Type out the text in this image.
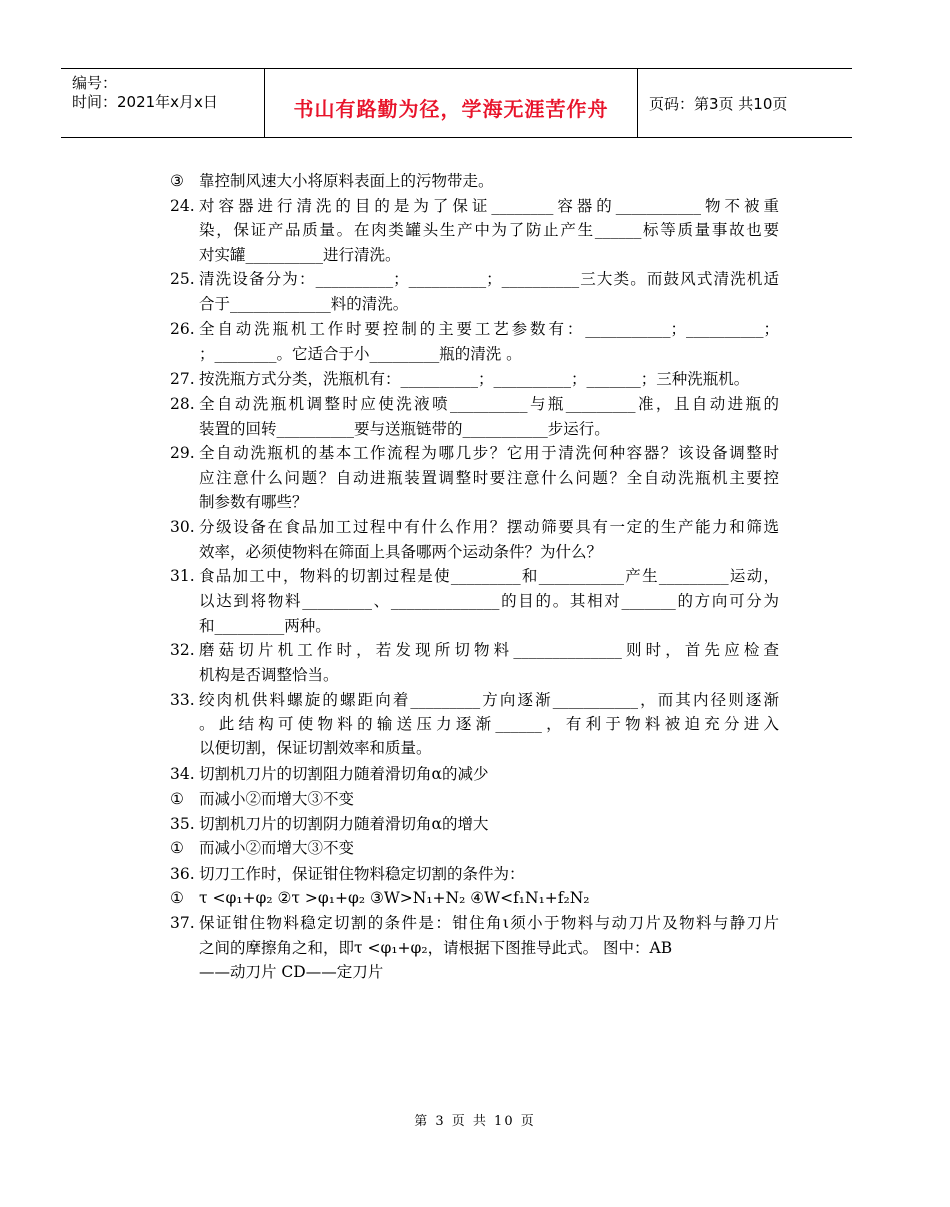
编号：
时间：2021年x月x日	书山有路勤为径，学海无涯苦作舟	页码：第3页 共10页
③ 靠控制风速大小将原料表面上的污物带走。
24. 对容器进行清洗的目的是为了保证________容器的___________物不被重
染，保证产品质量。在肉类罐头生产中为了防止产生______标等质量事故也要
对实罐__________进行清洗。
25. 清洗设备分为：__________；__________；__________三大类。而鼓风式清洗机适
合于_____________料的清洗。
26. 全自动洗瓶机工作时要控制的主要工艺参数有：___________；__________；
；________。它适合于小_________瓶的清洗 。
27. 按洗瓶方式分类，洗瓶机有：__________；__________；_______；三种洗瓶机。
28. 全自动洗瓶机调整时应使洗液喷__________与瓶_________准，且自动进瓶的
装置的回转__________要与送瓶链带的___________步运行。
29. 全自动洗瓶机的基本工作流程为哪几步？它用于清洗何种容器？该设备调整时
应注意什么问题？自动进瓶装置调整时要注意什么问题？全自动洗瓶机主要控
制参数有哪些？
30. 分级设备在食品加工过程中有什么作用？摆动筛要具有一定的生产能力和筛选
效率，必须使物料在筛面上具备哪两个运动条件？为什么？
31. 食品加工中，物料的切割过程是使_________和___________产生_________运动，
以达到将物料_________、______________的目的。其相对_______的方向可分为
和_________两种。
32. 磨菇切片机工作时，若发现所切物料______________则时，首先应检查
机构是否调整恰当。
33. 绞肉机供料螺旋的螺距向着_________方向逐渐___________，而其内径则逐渐
。此结构可使物料的输送压力逐渐______，有利于物料被迫充分进入
以便切割，保证切割效率和质量。
34. 切割机刀片的切割阻力随着滑切角α的减少
① 而减小②而增大③不变
35. 切割机刀片的切割阴力随着滑切角α的增大
① 而减小②而增大③不变
36. 切刀工作时，保证钳住物料稳定切割的条件为：
① τ <φ₁+φ₂ ②τ >φ₁+φ₂ ③W>N₁+N₂ ④W<f₁N₁+f₂N₂
37. 保证钳住物料稳定切割的条件是：钳住角ι须小于物料与动刀片及物料与静刀片
之间的摩擦角之和，即τ <φ₁+φ₂，请根据下图推导此式。 图中：AB
——动刀片 CD——定刀片
第 3 页 共 10 页
